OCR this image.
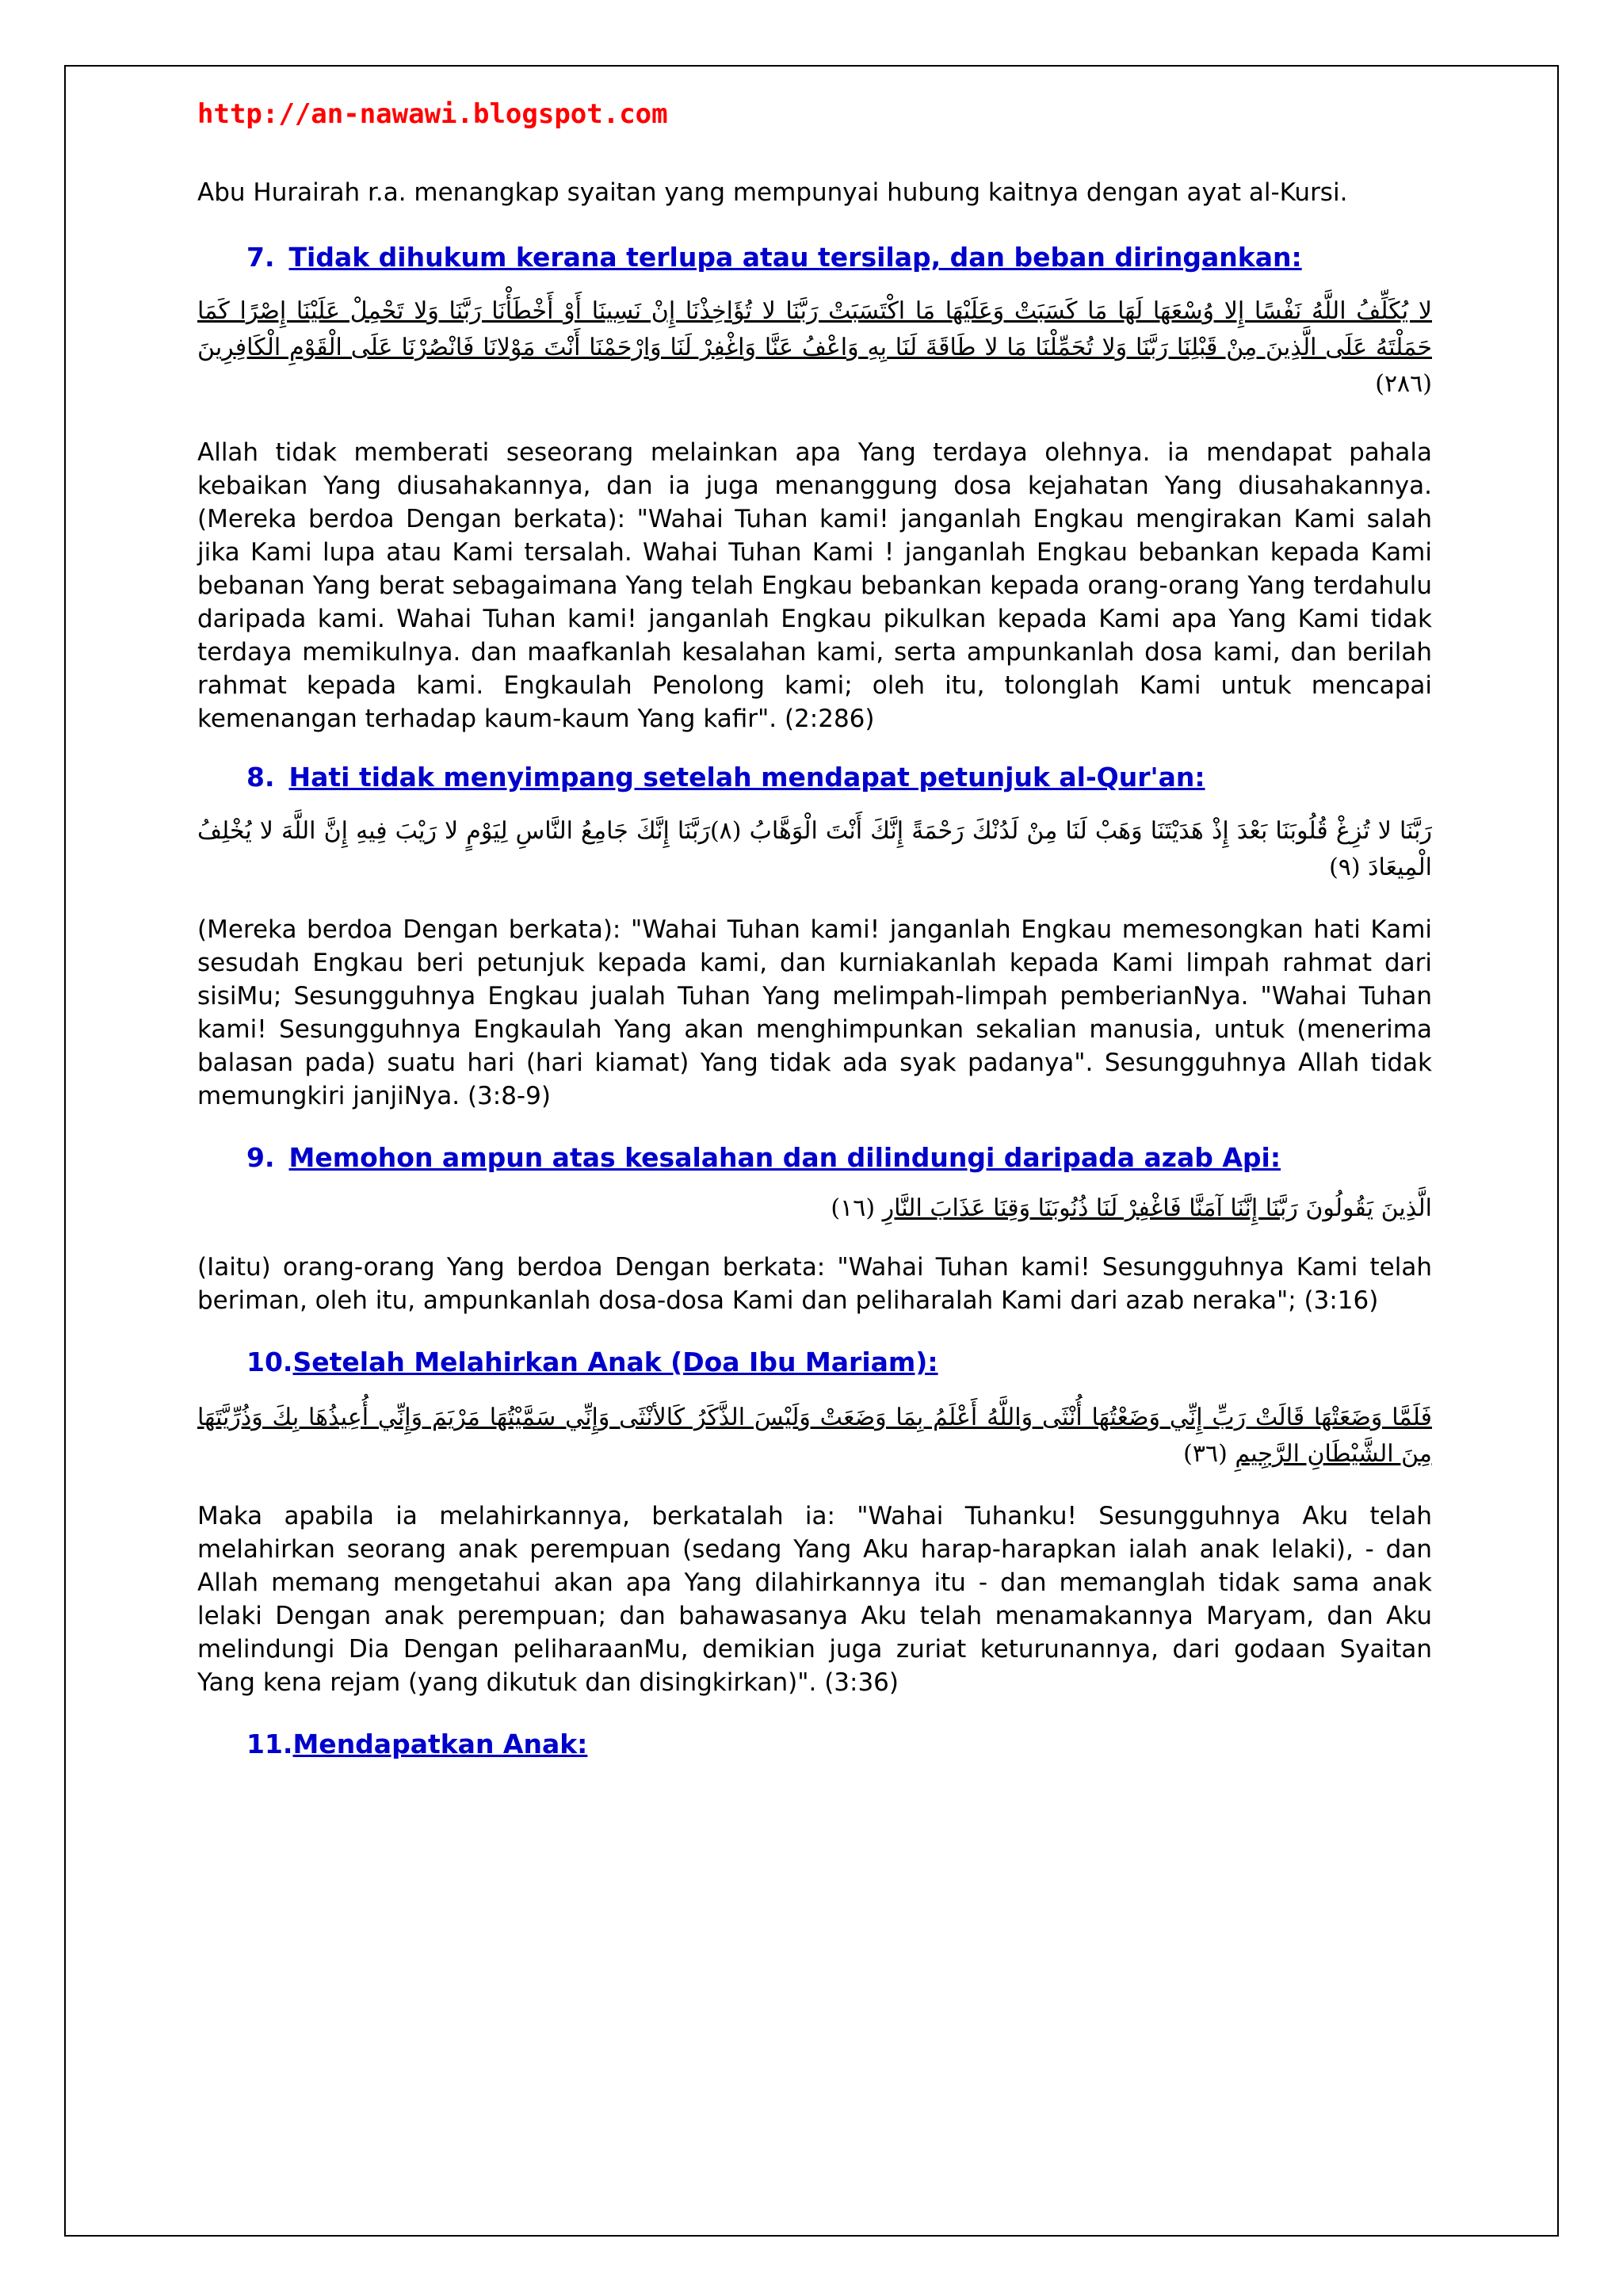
http://an-nawawi.blogspot.com

Abu Hurairah r.a. menangkap syaitan yang mempunyai hubung kaitnya dengan ayat al-Kursi.

7. Tidak dihukum kerana terlupa atau tersilap, dan beban diringankan:

لا يُكَلِّفُ اللَّهُ نَفْسًا إِلا وُسْعَهَا لَهَا مَا كَسَبَتْ وَعَلَيْهَا مَا اكْتَسَبَتْ رَبَّنَا لا تُؤَاخِذْنَا إِنْ نَسِينَا أَوْ أَخْطَأْنَا رَبَّنَا وَلا تَحْمِلْ عَلَيْنَا إِصْرًا كَمَا حَمَلْتَهُ عَلَى الَّذِينَ مِنْ قَبْلِنَا رَبَّنَا وَلا تُحَمِّلْنَا مَا لا طَاقَةَ لَنَا بِهِ وَاعْفُ عَنَّا وَاغْفِرْ لَنَا وَارْحَمْنَا أَنْتَ مَوْلانَا فَانْصُرْنَا عَلَى الْقَوْمِ الْكَافِرِينَ (٢٨٦)

Allah tidak memberati seseorang melainkan apa Yang terdaya olehnya. ia mendapat pahala kebaikan Yang diusahakannya, dan ia juga menanggung dosa kejahatan Yang diusahakannya. (Mereka berdoa Dengan berkata): "Wahai Tuhan kami! janganlah Engkau mengirakan Kami salah jika Kami lupa atau Kami tersalah. Wahai Tuhan Kami ! janganlah Engkau bebankan kepada Kami bebanan Yang berat sebagaimana Yang telah Engkau bebankan kepada orang-orang Yang terdahulu daripada kami. Wahai Tuhan kami! janganlah Engkau pikulkan kepada Kami apa Yang Kami tidak terdaya memikulnya. dan maafkanlah kesalahan kami, serta ampunkanlah dosa kami, dan berilah rahmat kepada kami. Engkaulah Penolong kami; oleh itu, tolonglah Kami untuk mencapai kemenangan terhadap kaum-kaum Yang kafir". (2:286)

8. Hati tidak menyimpang setelah mendapat petunjuk al-Qur'an:

رَبَّنَا لا تُزِغْ قُلُوبَنَا بَعْدَ إِذْ هَدَيْتَنَا وَهَبْ لَنَا مِنْ لَدُنْكَ رَحْمَةً إِنَّكَ أَنْتَ الْوَهَّابُ (٨)رَبَّنَا إِنَّكَ جَامِعُ النَّاسِ لِيَوْمٍ لا رَيْبَ فِيهِ إِنَّ اللَّهَ لا يُخْلِفُ الْمِيعَادَ (٩)

(Mereka berdoa Dengan berkata): "Wahai Tuhan kami! janganlah Engkau memesongkan hati Kami sesudah Engkau beri petunjuk kepada kami, dan kurniakanlah kepada Kami limpah rahmat dari sisiMu; Sesungguhnya Engkau jualah Tuhan Yang melimpah-limpah pemberianNya. "Wahai Tuhan kami! Sesungguhnya Engkaulah Yang akan menghimpunkan sekalian manusia, untuk (menerima balasan pada) suatu hari (hari kiamat) Yang tidak ada syak padanya". Sesungguhnya Allah tidak memungkiri janjiNya. (3:8-9)

9. Memohon ampun atas kesalahan dan dilindungi daripada azab Api:

الَّذِينَ يَقُولُونَ رَبَّنَا إِنَّنَا آمَنَّا فَاغْفِرْ لَنَا ذُنُوبَنَا وَقِنَا عَذَابَ النَّارِ (١٦)

(Iaitu) orang-orang Yang berdoa Dengan berkata: "Wahai Tuhan kami! Sesungguhnya Kami telah beriman, oleh itu, ampunkanlah dosa-dosa Kami dan peliharalah Kami dari azab neraka"; (3:16)

10.Setelah Melahirkan Anak (Doa Ibu Mariam):

فَلَمَّا وَضَعَتْهَا قَالَتْ رَبِّ إِنِّي وَضَعْتُهَا أُنْثَى وَاللَّهُ أَعْلَمُ بِمَا وَضَعَتْ وَلَيْسَ الذَّكَرُ كَالأنْثَى وَإِنِّي سَمَّيْتُهَا مَرْيَمَ وَإِنِّي أُعِيذُهَا بِكَ وَذُرِّيَّتَهَا مِنَ الشَّيْطَانِ الرَّجِيمِ (٣٦)

Maka apabila ia melahirkannya, berkatalah ia: "Wahai Tuhanku! Sesungguhnya Aku telah melahirkan seorang anak perempuan (sedang Yang Aku harap-harapkan ialah anak lelaki), - dan Allah memang mengetahui akan apa Yang dilahirkannya itu - dan memanglah tidak sama anak lelaki Dengan anak perempuan; dan bahawasanya Aku telah menamakannya Maryam, dan Aku melindungi Dia Dengan peliharaanMu, demikian juga zuriat keturunannya, dari godaan Syaitan Yang kena rejam (yang dikutuk dan disingkirkan)". (3:36)

11.Mendapatkan Anak:
